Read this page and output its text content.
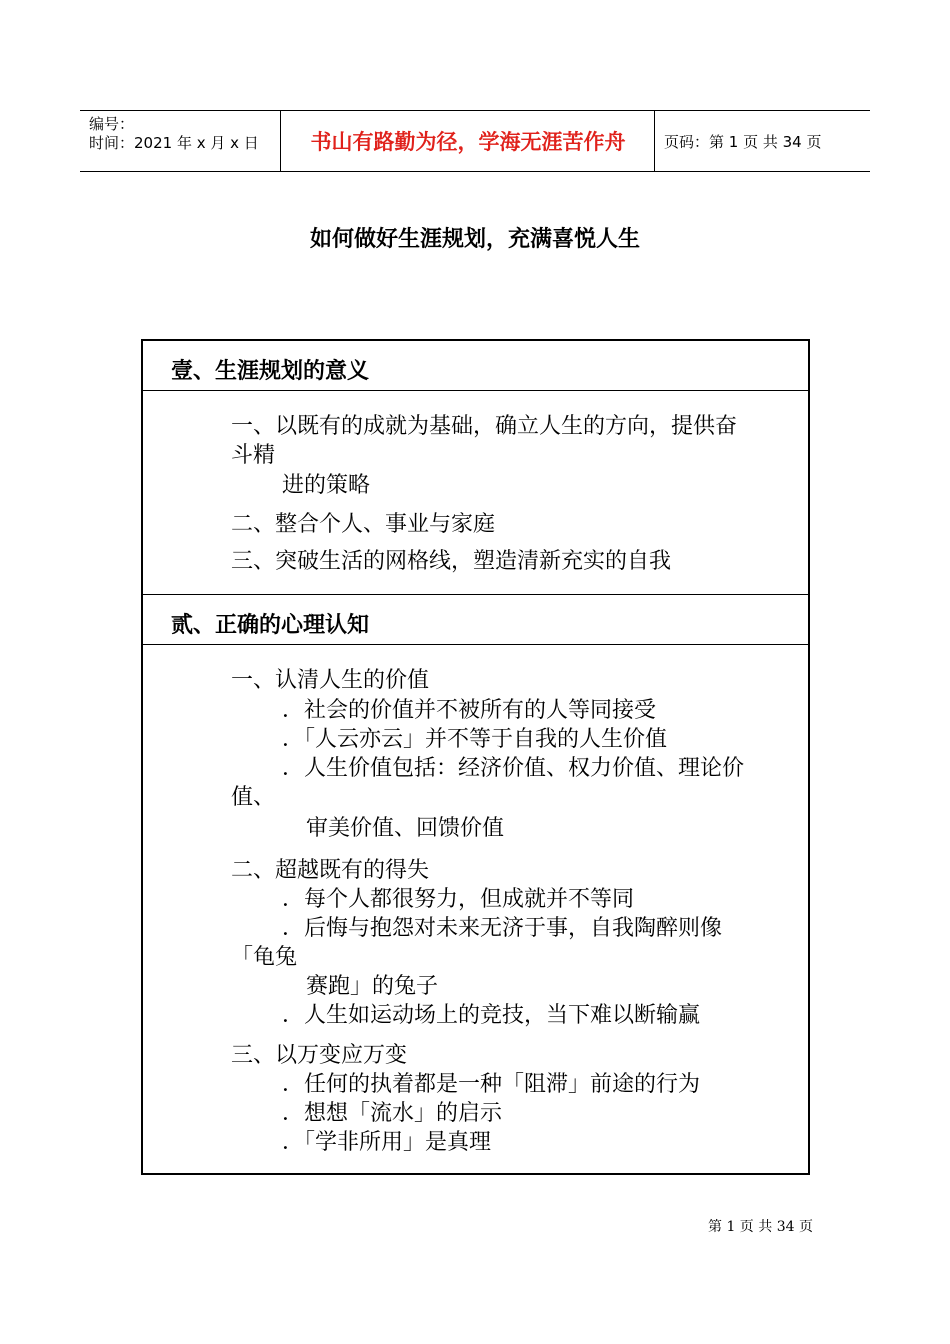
编号：
时间：2021 年 x 月 x 日	书山有路勤为径，学海无涯苦作舟	页码：第 1 页 共 34 页
如何做好生涯规划，充满喜悦人生
壹、生涯规划的意义
一、以既有的成就为基础，确立人生的方向，提供奋
斗精
进的策略
二、整合个人、事业与家庭
三、突破生活的网格线，塑造清新充实的自我
贰、正确的心理认知
一、认清人生的价值
．社会的价值并不被所有的人等同接受
．「人云亦云」并不等于自我的人生价值
．人生价值包括：经济价值、权力价值、理论价
值、
审美价值、回馈价值
二、超越既有的得失
．每个人都很努力，但成就并不等同
．后悔与抱怨对未来无济于事，自我陶醉则像
「龟兔
赛跑」的兔子
．人生如运动场上的竞技，当下难以断输赢
三、以万变应万变
．任何的执着都是一种「阻滞」前途的行为
．想想「流水」的启示
．「学非所用」是真理
第 1 页 共 34 页
